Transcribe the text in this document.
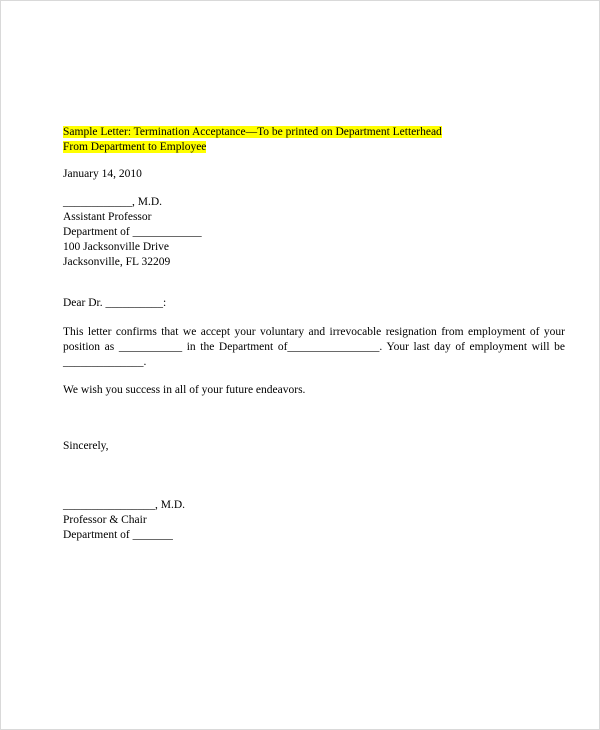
Sample Letter: Termination Acceptance—To be printed on Department Letterhead
From Department to Employee
January 14, 2010
____________, M.D.
Assistant Professor
Department of ____________
100 Jacksonville Drive
Jacksonville, FL 32209
Dear Dr. __________:
This letter confirms that we accept your voluntary and irrevocable resignation from employment of your position as ___________ in the Department of________________. Your last day of employment will be ______________.
We wish you success in all of your future endeavors.
Sincerely,
________________, M.D.
Professor & Chair
Department of _______
